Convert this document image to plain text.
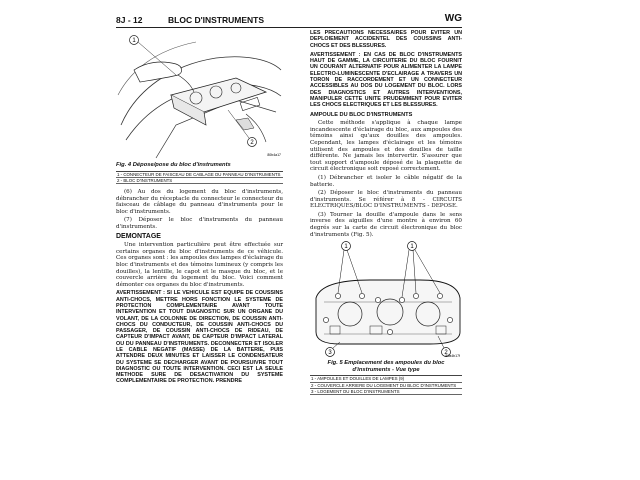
8J - 12	BLOC D'INSTRUMENTS	WG
1
2
80b4a17
Fig. 4 Dépose/pose du bloc d'instruments
1 - CONNECTEUR DE FAISCEAU DE CABLAGE DU PANNEAU D'INSTRUMENTS
2 - BLOC D'INSTRUMENTS

(6) Au dos du logement du bloc d'instruments, débrancher du réceptacle du connecteur le connecteur du faisceau de câblage du panneau d'instruments pour le bloc d'instruments.

(7) Déposer le bloc d'instruments du panneau d'instruments.

DEMONTAGE

Une intervention particulière peut être effectuée sur certains organes du bloc d'instruments de ce véhicule. Ces organes sont : les ampoules des lampes d'éclairage du bloc d'instruments et des témoins lumineux (y compris les douilles), la lentille, le capot et le masque du bloc, et le couvercle arrière du logement du bloc. Voici comment démonter ces organes du bloc d'instruments.

AVERTISSEMENT : SI LE VEHICULE EST EQUIPE DE COUSSINS ANTI-CHOCS, METTRE HORS FONCTION LE SYSTEME DE PROTECTION COMPLEMENTAIRE AVANT TOUTE INTERVENTION ET TOUT DIAGNOSTIC SUR UN ORGANE DU VOLANT, DE LA COLONNE DE DIRECTION, DE COUSSIN ANTI-CHOCS DU CONDUCTEUR, DE COUSSIN ANTI-CHOCS DU PASSAGER, DE COUSSIN ANTI-CHOCS DE RIDEAU, DE CAPTEUR D'IMPACT AVANT, DE CAPTEUR D'IMPACT LATERAL OU DU PANNEAU D'INSTRUMENTS. DECONNECTER ET ISOLER LE CABLE NEGATIF (MASSE) DE LA BATTERIE, PUIS ATTENDRE DEUX MINUTES ET LAISSER LE CONDENSATEUR DU SYSTEME SE DECHARGER AVANT DE POURSUIVRE TOUT DIAGNOSTIC OU TOUTE INTERVENTION. CECI EST LA SEULE METHODE SURE DE DESACTIVATION DU SYSTEME COMPLEMENTAIRE DE PROTECTION. PRENDRE

LES PRECAUTIONS NECESSAIRES POUR EVITER UN DEPLOIEMENT ACCIDENTEL DES COUSSINS ANTI-CHOCS ET DES BLESSURES.

AVERTISSEMENT : EN CAS DE BLOC D'INSTRUMENTS HAUT DE GAMME, LA CIRCUITERIE DU BLOC FOURNIT UN COURANT ALTERNATIF POUR ALIMENTER LA LAMPE ELECTRO-LUMINESCENTE D'ECLAIRAGE A TRAVERS UN TORON DE RACCORDEMENT ET UN CONNECTEUR ACCESSIBLES AU DOS DU LOGEMENT DU BLOC. LORS DES DIAGNOSTICS ET AUTRES INTERVENTIONS, MANIPULER CETTE UNITE PRUDEMMENT POUR EVITER LES CHOCS ELECTRIQUES ET LES BLESSURES.

AMPOULE DU BLOC D'INSTRUMENTS

Cette méthode s'applique à chaque lampe incandescente d'éclairage du bloc, aux ampoules des témoins ainsi qu'aux douilles des ampoules. Cependant, les lampes d'éclairage et les témoins utilisent des ampoules et des douilles de taille différente. Ne jamais les intervertir. S'assurer que tout support d'ampoule déposé de la plaquette de circuit électronique soit reposé correctement.

(1) Débrancher et isoler le câble négatif de la batterie.

(2) Déposer le bloc d'instruments du panneau d'instruments. Se référer à 8 - CIRCUITS ELECTRIQUES/BLOC D'INSTRUMENTS - DEPOSE.

(3) Tourner la douille d'ampoule dans le sens inverse des aiguilles d'une montre à environ 60 degrés sur la carte de circuit électronique du bloc d'instruments (Fig. 5).

1	1
2
3	80a4b17f
Fig. 5 Emplacement des ampoules du bloc d'instruments - Vue type
1 - AMPOULES ET DOUILLES DE LAMPES (9)
2 - COUVERCLE ARRIERE DU LOGEMENT DU BLOC D'INSTRUMENTS
3 - LOGEMENT DU BLOC D'INSTRUMENTS
